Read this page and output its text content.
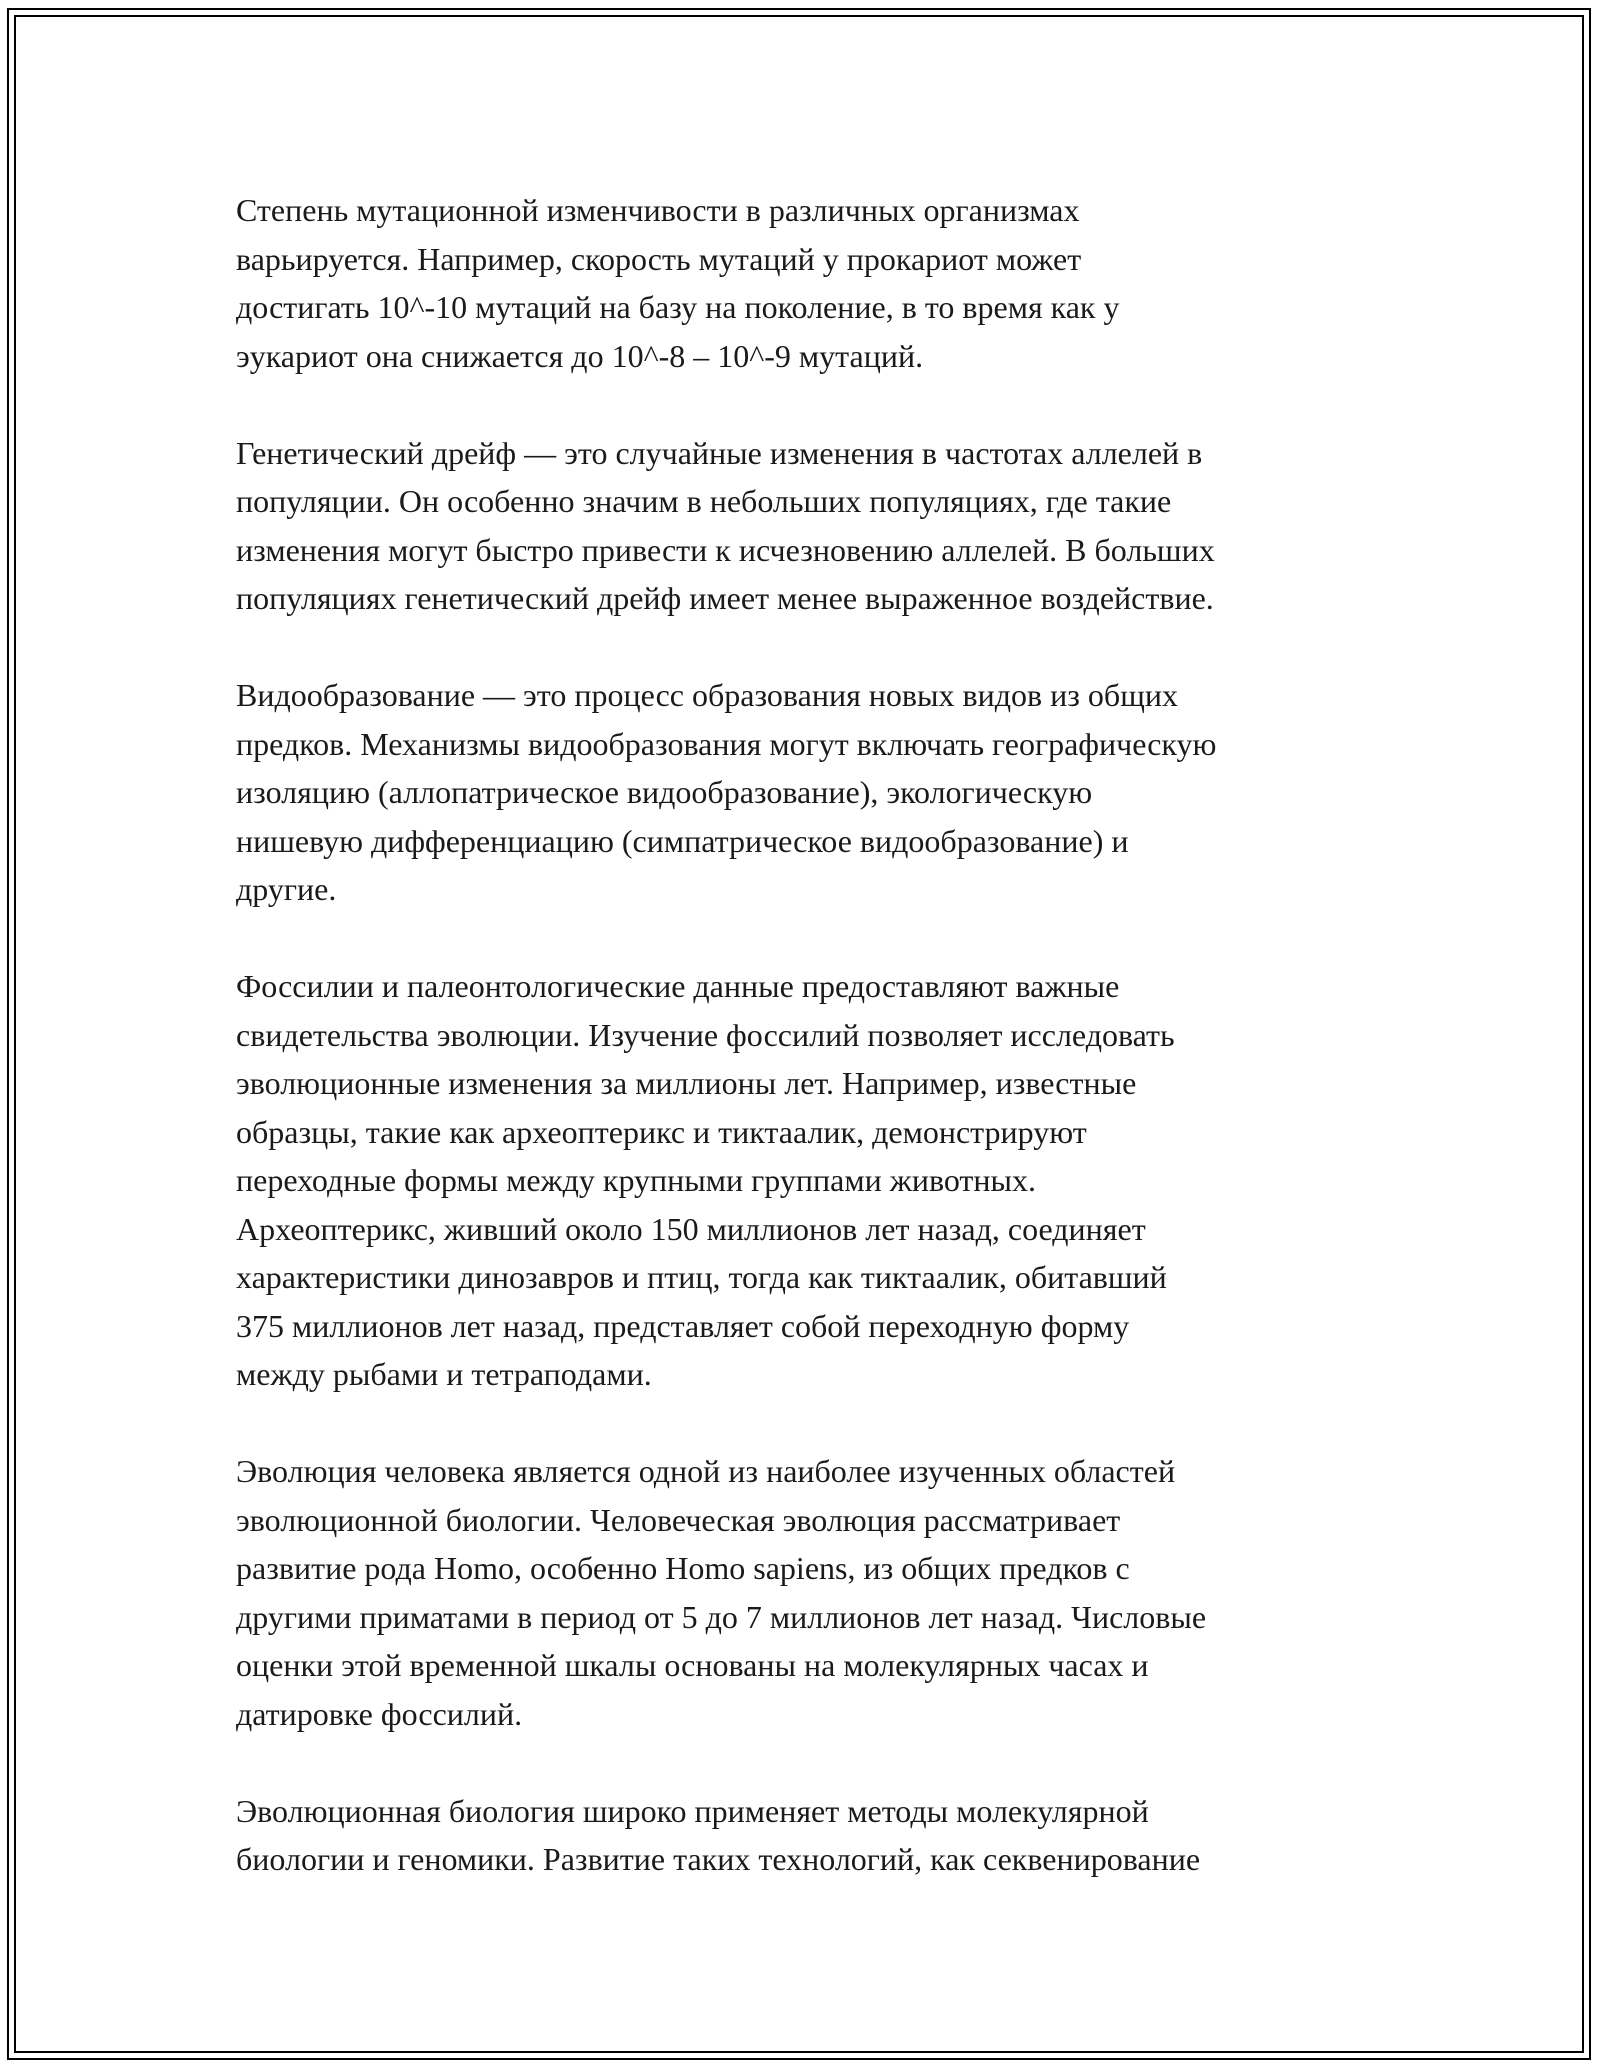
Степень мутационной изменчивости в различных организмах
варьируется. Например, скорость мутаций у прокариот может
достигать 10^-10 мутаций на базу на поколение, в то время как у
эукариот она снижается до 10^-8 – 10^-9 мутаций.

Генетический дрейф — это случайные изменения в частотах аллелей в
популяции. Он особенно значим в небольших популяциях, где такие
изменения могут быстро привести к исчезновению аллелей. В больших
популяциях генетический дрейф имеет менее выраженное воздействие.

Видообразование — это процесс образования новых видов из общих
предков. Механизмы видообразования могут включать географическую
изоляцию (аллопатрическое видообразование), экологическую
нишевую дифференциацию (симпатрическое видообразование) и
другие.

Фоссилии и палеонтологические данные предоставляют важные
свидетельства эволюции. Изучение фоссилий позволяет исследовать
эволюционные изменения за миллионы лет. Например, известные
образцы, такие как археоптерикс и тиктаалик, демонстрируют
переходные формы между крупными группами животных.
Археоптерикс, живший около 150 миллионов лет назад, соединяет
характеристики динозавров и птиц, тогда как тиктаалик, обитавший
375 миллионов лет назад, представляет собой переходную форму
между рыбами и тетраподами.

Эволюция человека является одной из наиболее изученных областей
эволюционной биологии. Человеческая эволюция рассматривает
развитие рода Homo, особенно Homo sapiens, из общих предков с
другими приматами в период от 5 до 7 миллионов лет назад. Числовые
оценки этой временной шкалы основаны на молекулярных часах и
датировке фоссилий.

Эволюционная биология широко применяет методы молекулярной
биологии и геномики. Развитие таких технологий, как секвенирование
